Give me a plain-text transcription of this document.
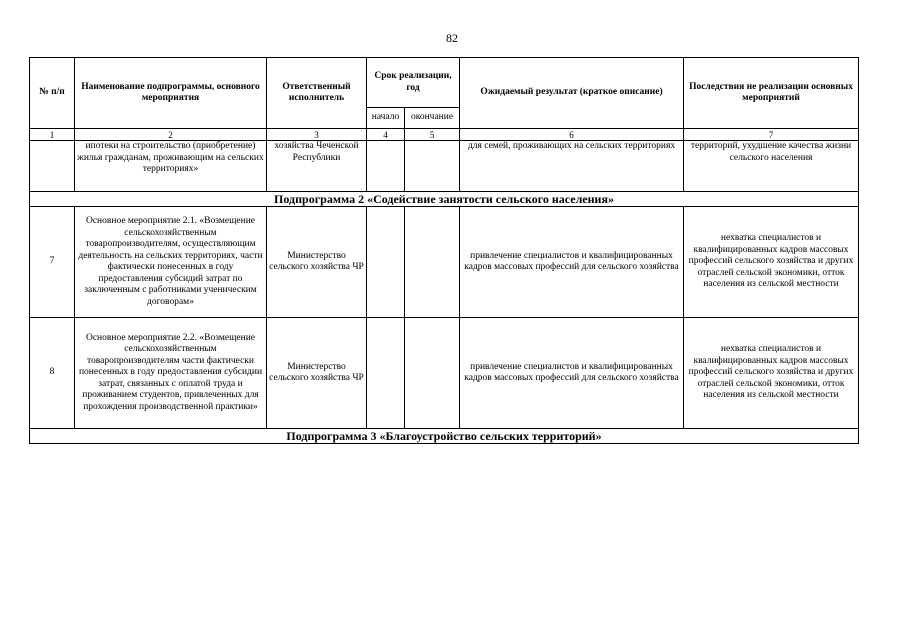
82
№ п/п	Наименование подпрограммы, основного мероприятия	Ответственный исполнитель	Срок реализации, год		Ожидаемый результат (краткое описание)	Последствия не реализации основных мероприятий
			начало	окончание		
1	2	3	4	5	6	7
	ипотеки на строительство (приобретение) жилья гражданам, проживающим на сельских территориях»	хозяйства Чеченской Республики			для семей, проживающих на сельских территориях	территорий, ухудшение качества жизни сельского населения
Подпрограмма 2 «Содействие занятости сельского населения»						
7	Основное мероприятие 2.1. «Возмещение сельскохозяйственным товаропроизводителям, осуществляющим деятельность на сельских территориях, части фактически понесенных в году предоставления субсидий затрат по заключенным с работниками ученическим договорам»	Министерство сельского хозяйства ЧР			привлечение специалистов и квалифицированных кадров массовых профессий для сельского хозяйства	нехватка специалистов и квалифицированных кадров массовых профессий сельского хозяйства и других отраслей сельской экономики, отток населения из сельской местности
8	Основное мероприятие 2.2. «Возмещение сельскохозяйственным товаропроизводителям части фактически понесенных в году предоставления субсидии затрат, связанных с оплатой труда и проживанием студентов, привлеченных для прохождения производственной практики»	Министерство сельского хозяйства ЧР			привлечение специалистов и квалифицированных кадров массовых профессий для сельского хозяйства	нехватка специалистов и квалифицированных кадров массовых профессий сельского хозяйства и других отраслей сельской экономики, отток населения из сельской местности
Подпрограмма 3 «Благоустройство сельских территорий»						
